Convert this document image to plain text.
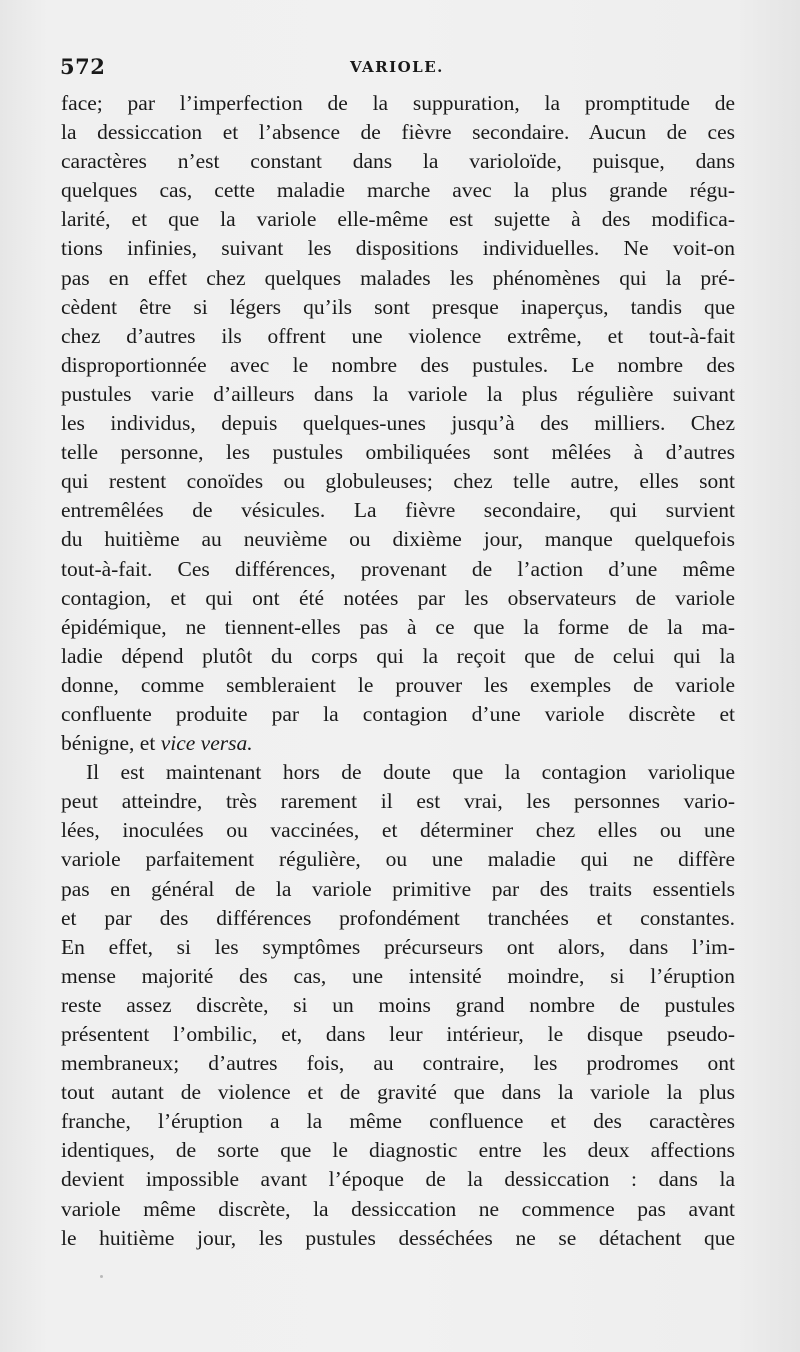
572	VARIOLE.
face; par l’imperfection de la suppuration, la promptitude de
la dessiccation et l’absence de fièvre secondaire. Aucun de ces
caractères n’est constant dans la varioloïde, puisque, dans
quelques cas, cette maladie marche avec la plus grande régu-
larité, et que la variole elle-même est sujette à des modifica-
tions infinies, suivant les dispositions individuelles. Ne voit-on
pas en effet chez quelques malades les phénomènes qui la pré-
cèdent être si légers qu’ils sont presque inaperçus, tandis que
chez d’autres ils offrent une violence extrême, et tout-à-fait
disproportionnée avec le nombre des pustules. Le nombre des
pustules varie d’ailleurs dans la variole la plus régulière suivant
les individus, depuis quelques-unes jusqu’à des milliers. Chez
telle personne, les pustules ombiliquées sont mêlées à d’autres
qui restent conoïdes ou globuleuses; chez telle autre, elles sont
entremêlées de vésicules. La fièvre secondaire, qui survient
du huitième au neuvième ou dixième jour, manque quelquefois
tout-à-fait. Ces différences, provenant de l’action d’une même
contagion, et qui ont été notées par les observateurs de variole
épidémique, ne tiennent-elles pas à ce que la forme de la ma-
ladie dépend plutôt du corps qui la reçoit que de celui qui la
donne, comme sembleraient le prouver les exemples de variole
confluente produite par la contagion d’une variole discrète et
bénigne, et vice versa.
Il est maintenant hors de doute que la contagion variolique
peut atteindre, très rarement il est vrai, les personnes vario-
lées, inoculées ou vaccinées, et déterminer chez elles ou une
variole parfaitement régulière, ou une maladie qui ne diffère
pas en général de la variole primitive par des traits essentiels
et par des différences profondément tranchées et constantes.
En effet, si les symptômes précurseurs ont alors, dans l’im-
mense majorité des cas, une intensité moindre, si l’éruption
reste assez discrète, si un moins grand nombre de pustules
présentent l’ombilic, et, dans leur intérieur, le disque pseudo-
membraneux; d’autres fois, au contraire, les prodromes ont
tout autant de violence et de gravité que dans la variole la plus
franche, l’éruption a la même confluence et des caractères
identiques, de sorte que le diagnostic entre les deux affections
devient impossible avant l’époque de la dessiccation : dans la
variole même discrète, la dessiccation ne commence pas avant
le huitième jour, les pustules desséchées ne se détachent que
